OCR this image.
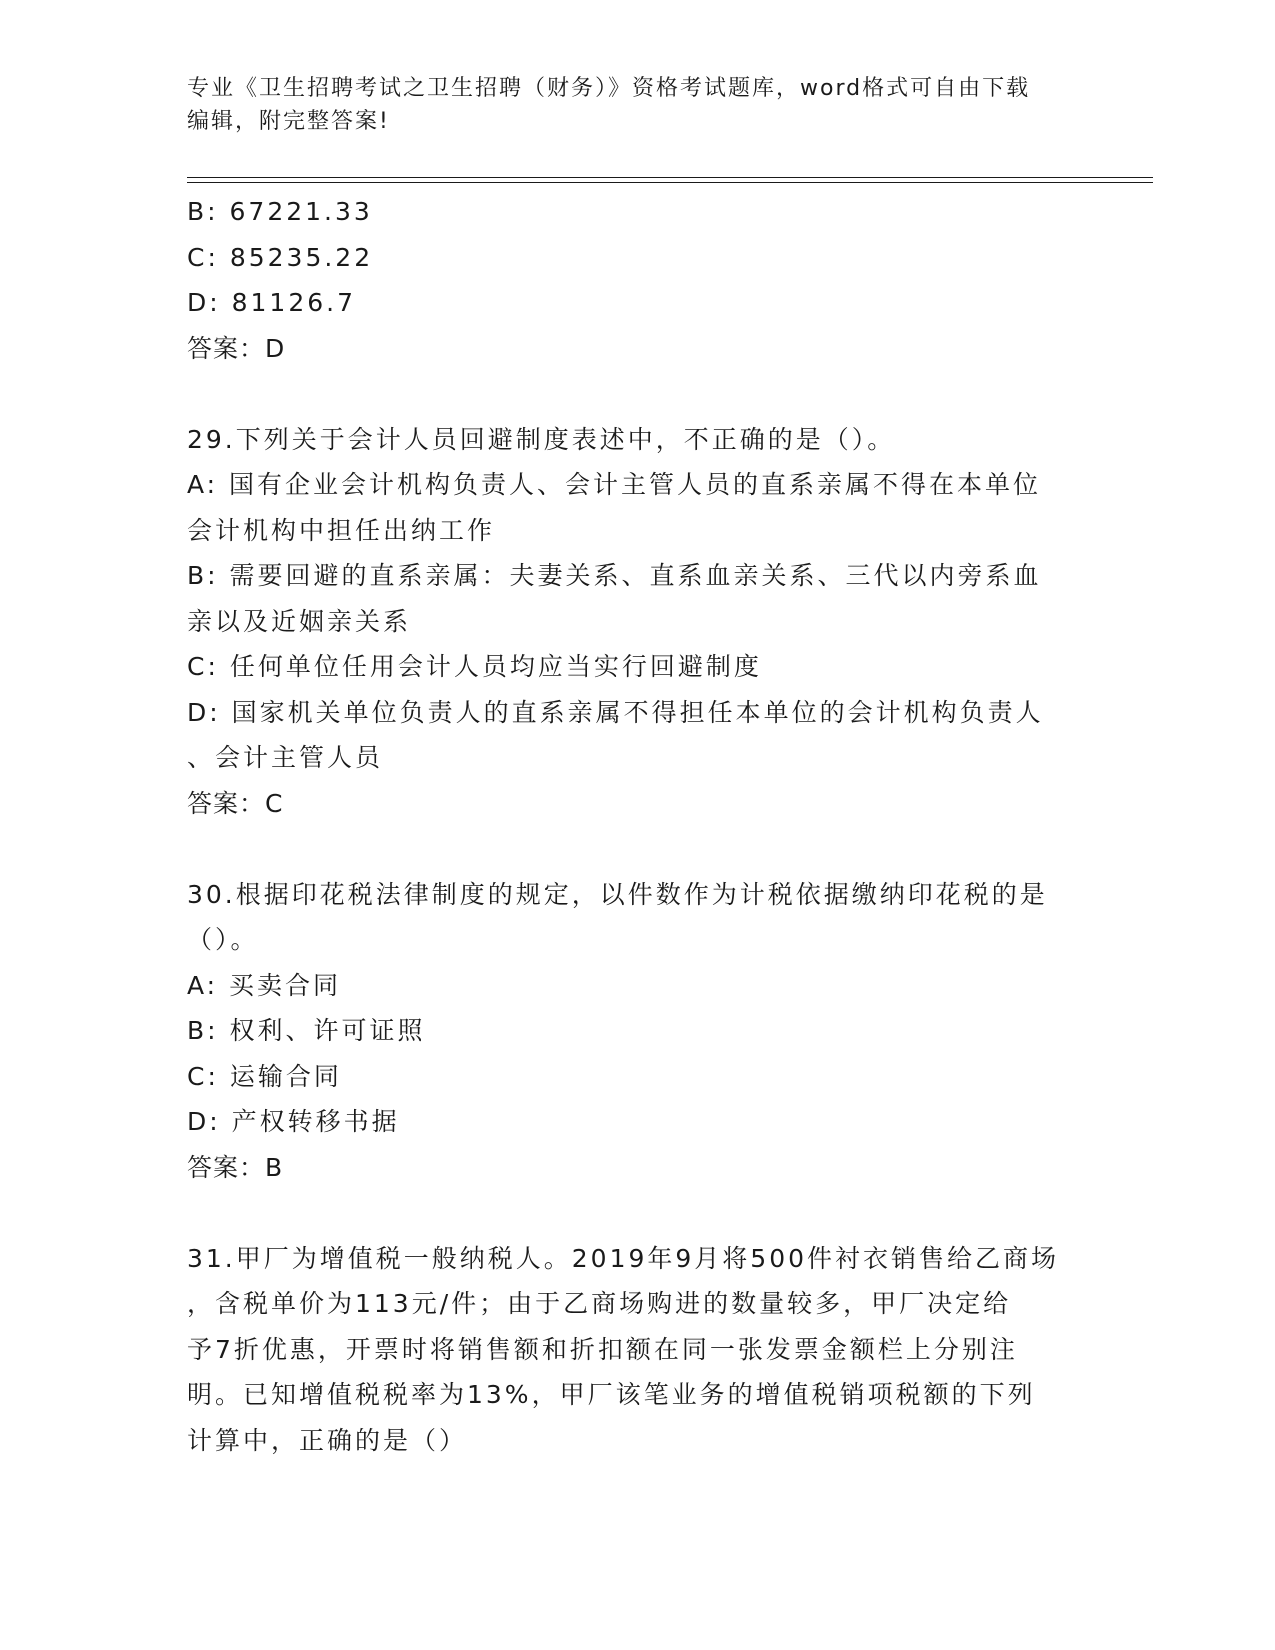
专业《卫生招聘考试之卫生招聘（财务）》资格考试题库，word格式可自由下载
编辑，附完整答案!
B: 67221.33
C: 85235.22
D: 81126.7
答案：D
29.下列关于会计人员回避制度表述中，不正确的是（）。
A: 国有企业会计机构负责人、会计主管人员的直系亲属不得在本单位
会计机构中担任出纳工作
B: 需要回避的直系亲属：夫妻关系、直系血亲关系、三代以内旁系血
亲以及近姻亲关系
C: 任何单位任用会计人员均应当实行回避制度
D: 国家机关单位负责人的直系亲属不得担任本单位的会计机构负责人
、会计主管人员
答案：C
30.根据印花税法律制度的规定，以件数作为计税依据缴纳印花税的是
（）。
A: 买卖合同
B: 权利、许可证照
C: 运输合同
D: 产权转移书据
答案：B
31.甲厂为增值税一般纳税人。2019年9月将500件衬衣销售给乙商场
，含税单价为113元/件；由于乙商场购进的数量较多，甲厂决定给
予7折优惠，开票时将销售额和折扣额在同一张发票金额栏上分别注
明。已知增值税税率为13%，甲厂该笔业务的增值税销项税额的下列
计算中，正确的是（）
